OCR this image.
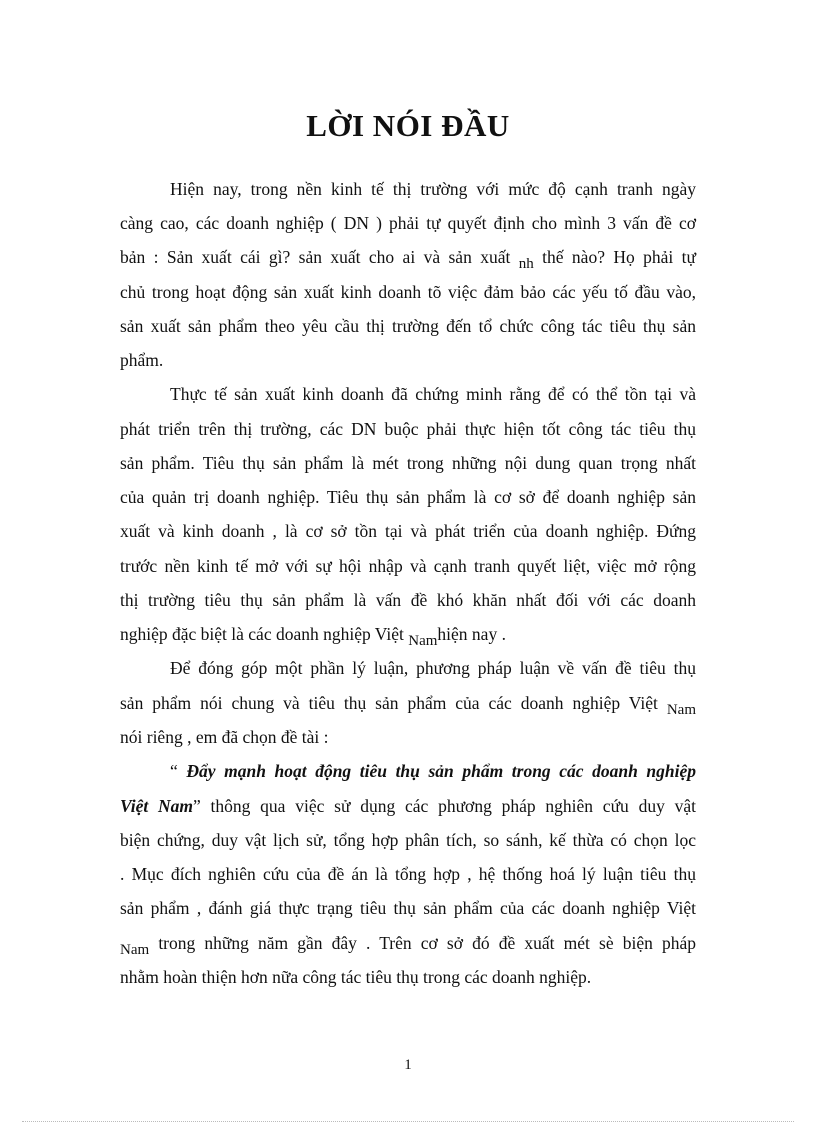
LỜI NÓI ĐẦU
Hiện nay, trong nền kinh tế thị trường với mức độ cạnh tranh ngày
càng cao, các doanh nghiệp ( DN ) phải tự quyết định cho mình 3 vấn đề cơ
bản : Sản xuất cái gì? sản xuất cho ai và sản xuất nh thế nào? Họ phải tự
chủ trong hoạt động sản xuất kinh doanh tõ việc đảm bảo các yếu tố đầu vào,
sản xuất sản phẩm theo yêu cầu thị trường đến tổ chức công tác tiêu thụ sản
phẩm.
Thực tế sản xuất kinh doanh đã chứng minh rằng để có thể tồn tại và
phát triển trên thị trường, các DN buộc phải thực hiện tốt công tác tiêu thụ
sản phẩm. Tiêu thụ sản phẩm là mét trong những nội dung quan trọng nhất
của quản trị doanh nghiệp. Tiêu thụ sản phẩm là cơ sở để doanh nghiệp sản
xuất và kinh doanh , là cơ sở tồn tại và phát triển của doanh nghiệp. Đứng
trước nền kinh tế mở với sự hội nhập và cạnh tranh quyết liệt, việc mở rộng
thị trường tiêu thụ sản phẩm là vấn đề khó khăn nhất đối với các doanh
nghiệp đặc biệt là các doanh nghiệp Việt Namhiện nay .
Để đóng góp một phần lý luận, phương pháp luận về vấn đề tiêu thụ
sản phẩm nói chung và tiêu thụ sản phẩm của các doanh nghiệp Việt Nam
nói riêng , em đã chọn đề tài :
“ Đẩy mạnh hoạt động tiêu thụ sản phẩm trong các doanh nghiệp
Việt Nam” thông qua việc sử dụng các phương pháp nghiên cứu duy vật
biện chứng, duy vật lịch sử, tổng hợp phân tích, so sánh, kế thừa có chọn lọc
. Mục đích nghiên cứu của đề án là tổng hợp , hệ thống hoá lý luận tiêu thụ
sản phẩm , đánh giá thực trạng tiêu thụ sản phẩm của các doanh nghiệp Việt
Nam trong những năm gần đây . Trên cơ sở đó đề xuất mét sè biện pháp
nhằm hoàn thiện hơn nữa công tác tiêu thụ trong các doanh nghiệp.
1
